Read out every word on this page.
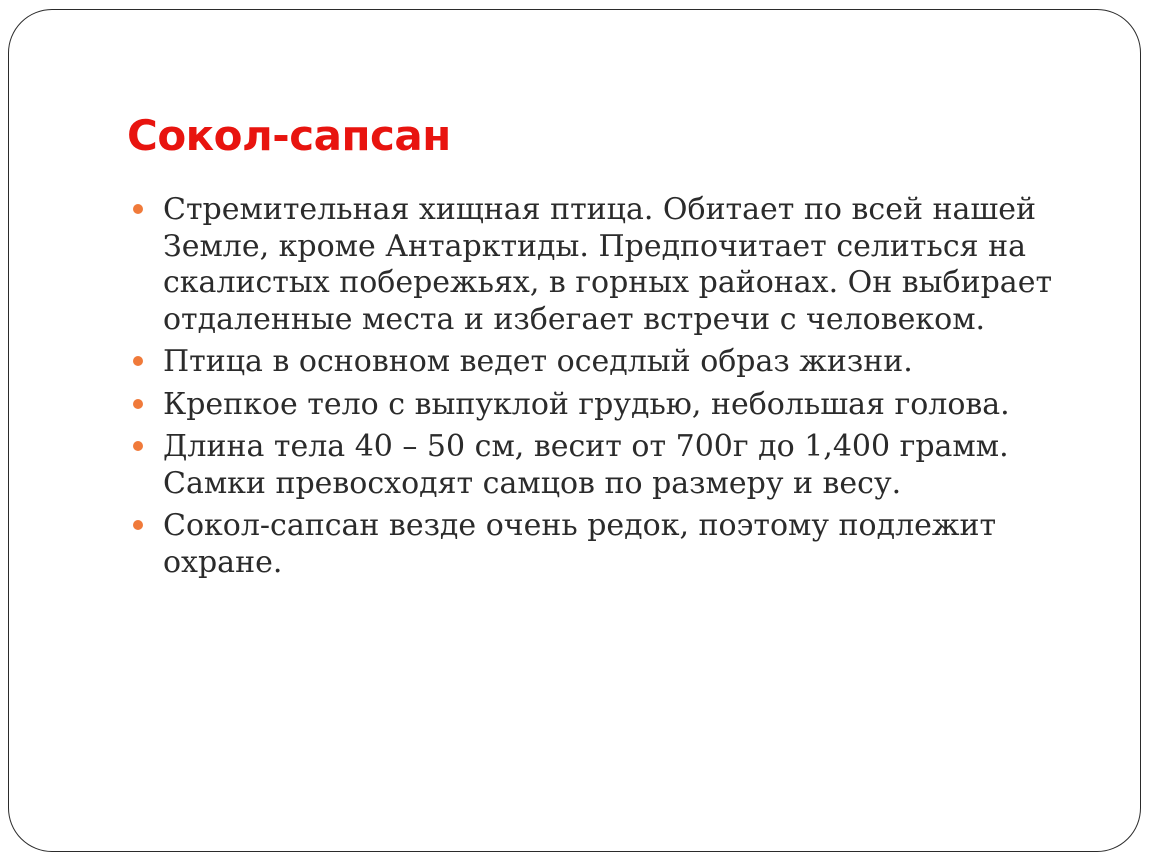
Сокол-сапсан
Стремительная хищная птица. Обитает по всей нашей Земле, кроме Антарктиды. Предпочитает селиться на скалистых побережьях, в горных районах. Он выбирает отдаленные места и избегает встречи с человеком.
Птица в основном ведет оседлый образ жизни.
Крепкое тело с выпуклой грудью, небольшая голова.
Длина тела 40 – 50 см, весит от 700г до 1,400 грамм. Самки превосходят самцов по размеру и весу.
Сокол-сапсан везде очень редок, поэтому подлежит охране.
